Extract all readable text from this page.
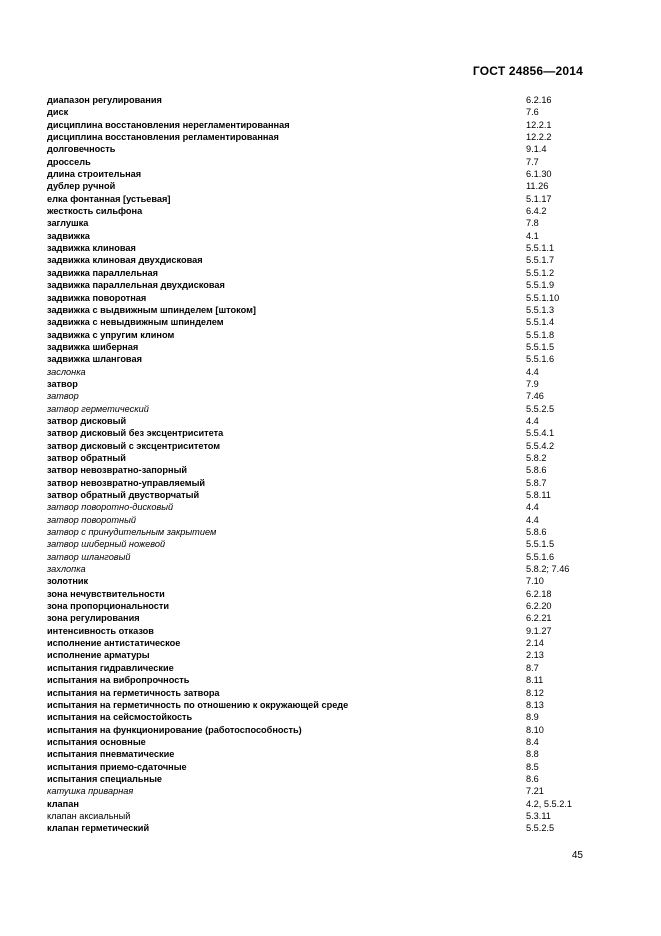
ГОСТ 24856—2014
диапазон регулирования	6.2.16
диск	7.6
дисциплина восстановления нерегламентированная	12.2.1
дисциплина восстановления регламентированная	12.2.2
долговечность	9.1.4
дроссель	7.7
длина строительная	6.1.30
дублер ручной	11.26
елка фонтанная [устьевая]	5.1.17
жесткость сильфона	6.4.2
заглушка	7.8
задвижка	4.1
задвижка клиновая	5.5.1.1
задвижка клиновая двухдисковая	5.5.1.7
задвижка параллельная	5.5.1.2
задвижка параллельная двухдисковая	5.5.1.9
задвижка поворотная	5.5.1.10
задвижка с выдвижным шпинделем [штоком]	5.5.1.3
задвижка с невыдвижным шпинделем	5.5.1.4
задвижка с упругим клином	5.5.1.8
задвижка шиберная	5.5.1.5
задвижка шланговая	5.5.1.6
заслонка	4.4
затвор	7.9
затвор	7.46
затвор герметический	5.5.2.5
затвор дисковый	4.4
затвор дисковый без эксцентриситета	5.5.4.1
затвор дисковый с эксцентриситетом	5.5.4.2
затвор обратный	5.8.2
затвор невозвратно-запорный	5.8.6
затвор невозвратно-управляемый	5.8.7
затвор обратный двустворчатый	5.8.11
затвор поворотно-дисковый	4.4
затвор поворотный	4.4
затвор с принудительным закрытием	5.8.6
затвор шиберный ножевой	5.5.1.5
затвор шланговый	5.5.1.6
захлопка	5.8.2; 7.46
золотник	7.10
зона нечувствительности	6.2.18
зона пропорциональности	6.2.20
зона регулирования	6.2.21
интенсивность отказов	9.1.27
исполнение антистатическое	2.14
исполнение арматуры	2.13
испытания гидравлические	8.7
испытания на вибропрочность	8.11
испытания на герметичность затвора	8.12
испытания на герметичность по отношению к окружающей среде	8.13
испытания на сейсмостойкость	8.9
испытания на функционирование (работоспособность)	8.10
испытания основные	8.4
испытания пневматические	8.8
испытания приемо-сдаточные	8.5
испытания специальные	8.6
катушка приварная	7.21
клапан	4.2, 5.5.2.1
клапан аксиальный	5.3.11
клапан герметический	5.5.2.5
45
